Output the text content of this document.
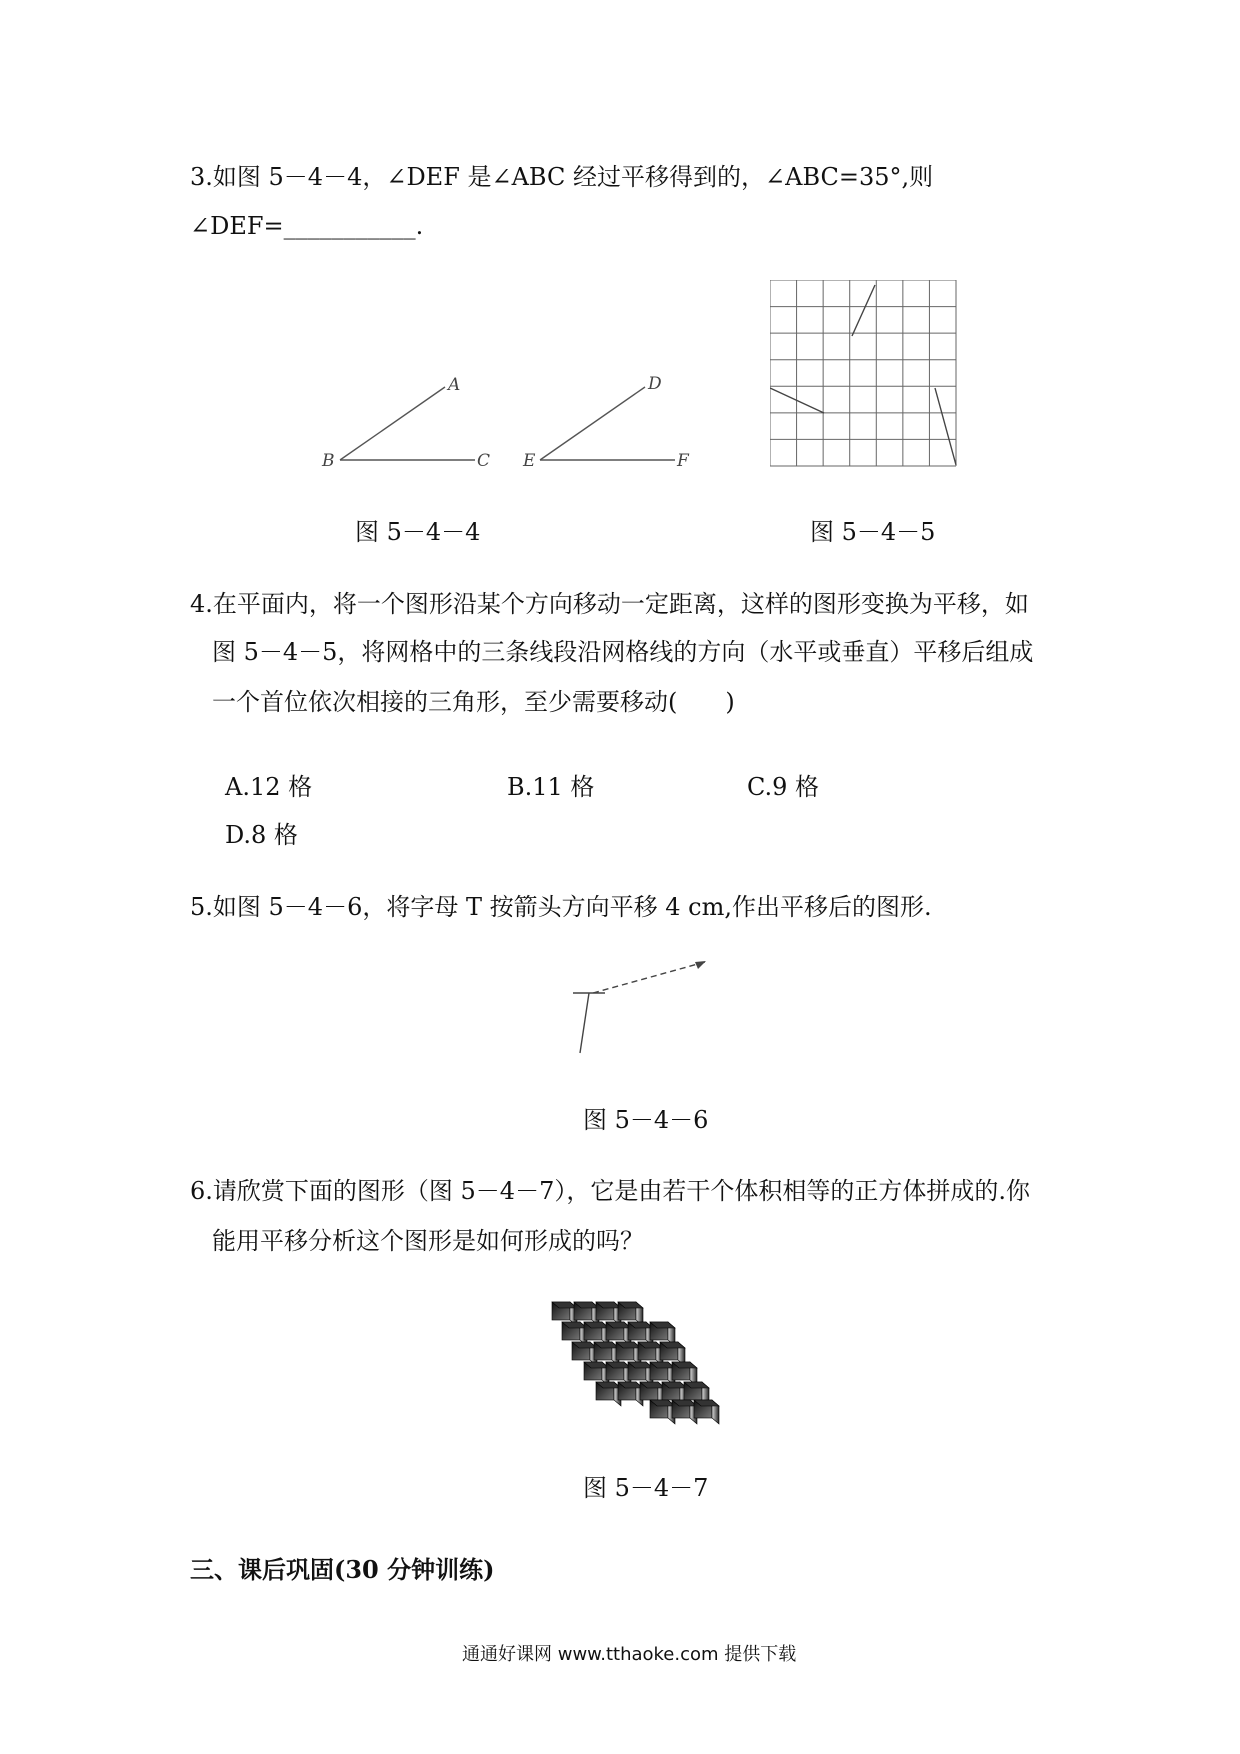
3.如图 5－4－4，∠DEF 是∠ABC 经过平移得到的，∠ABC=35°,则
∠DEF=___________.
A
B	C
D
E	F
图 5－4－4	图 5－4－5
4.在平面内，将一个图形沿某个方向移动一定距离，这样的图形变换为平移，如
图 5－4－5，将网格中的三条线段沿网格线的方向（水平或垂直）平移后组成
一个首位依次相接的三角形，至少需要移动(　　)
A.12 格	B.11 格	C.9 格
D.8 格
5.如图 5－4－6，将字母 T 按箭头方向平移 4 cm,作出平移后的图形.
图 5－4－6
6.请欣赏下面的图形（图 5－4－7），它是由若干个体积相等的正方体拼成的.你
能用平移分析这个图形是如何形成的吗？
图 5－4－7
三、课后巩固(30 分钟训练)
通通好课网 www.tthaoke.com 提供下载
